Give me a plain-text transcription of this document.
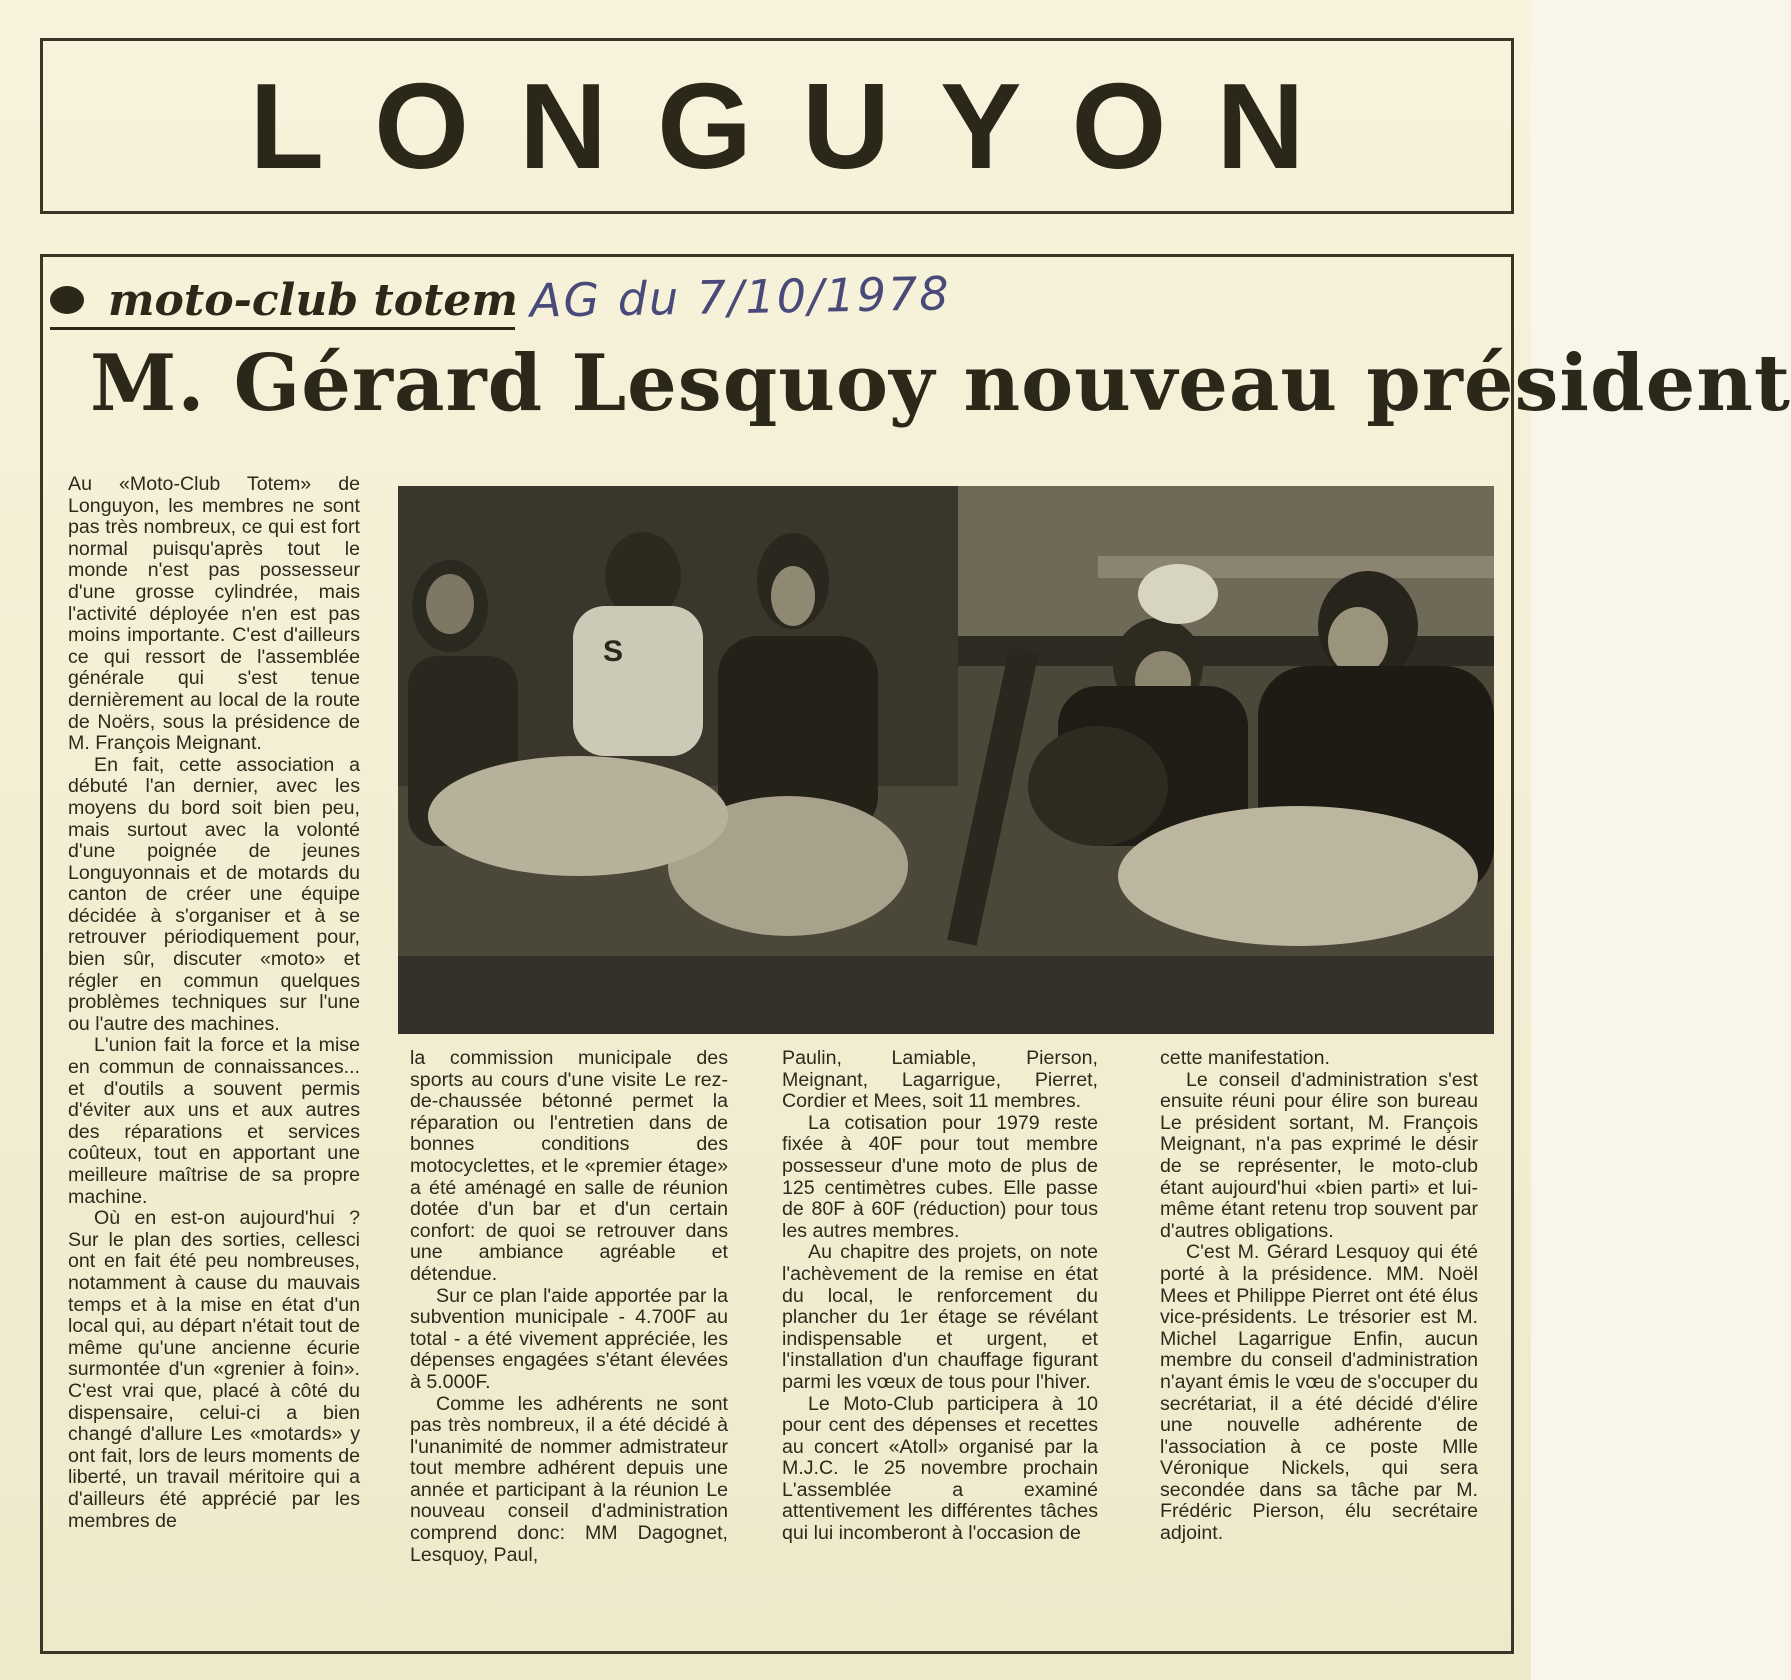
LONGUYON
moto-club totem AG du 7/10/1978
M. Gérard Lesquoy nouveau président

Au «Moto-Club Totem» de Longuyon, les membres ne sont pas très nombreux, ce qui est fort normal puisqu'après tout le monde n'est pas possesseur d'une grosse cylindrée, mais l'activité déployée n'en est pas moins importante. C'est d'ailleurs ce qui ressort de l'assemblée générale qui s'est tenue dernièrement au local de la route de Noërs, sous la présidence de M. François Meignant.

En fait, cette association a débuté l'an dernier, avec les moyens du bord soit bien peu, mais surtout avec la volonté d'une poignée de jeunes Longuyonnais et de motards du canton de créer une équipe décidée à s'organiser et à se retrouver périodiquement pour, bien sûr, discuter «moto» et régler en commun quelques problèmes techniques sur l'une ou l'autre des machines.

L'union fait la force et la mise en commun de connaissances... et d'outils a souvent permis d'éviter aux uns et aux autres des réparations et services coûteux, tout en apportant une meilleure maîtrise de sa propre machine.

Où en est-on aujourd'hui ? Sur le plan des sorties, cellesci ont en fait été peu nombreuses, notamment à cause du mauvais temps et à la mise en état d'un local qui, au départ n'était tout de même qu'une ancienne écurie surmontée d'un «grenier à foin». C'est vrai que, placé à côté du dispensaire, celui-ci a bien changé d'allure Les «motards» y ont fait, lors de leurs moments de liberté, un travail méritoire qui a d'ailleurs été apprécié par les membres de

S

la commission municipale des sports au cours d'une visite Le rez-de-chaussée bétonné permet la réparation ou l'entretien dans de bonnes conditions des motocyclettes, et le «premier étage» a été aménagé en salle de réunion dotée d'un bar et d'un certain confort: de quoi se retrouver dans une ambiance agréable et détendue.

Sur ce plan l'aide apportée par la subvention municipale - 4.700F au total - a été vivement appréciée, les dépenses engagées s'étant élevées à 5.000F.

Comme les adhérents ne sont pas très nombreux, il a été décidé à l'unanimité de nommer admistrateur tout membre adhérent depuis une année et participant à la réunion Le nouveau conseil d'administration comprend donc: MM Dagognet, Lesquoy, Paul,

Paulin, Lamiable, Pierson, Meignant, Lagarrigue, Pierret, Cordier et Mees, soit 11 membres.

La cotisation pour 1979 reste fixée à 40F pour tout membre possesseur d'une moto de plus de 125 centimètres cubes. Elle passe de 80F à 60F (réduction) pour tous les autres membres.

Au chapitre des projets, on note l'achèvement de la remise en état du local, le renforcement du plancher du 1er étage se révélant indispensable et urgent, et l'installation d'un chauffage figurant parmi les vœux de tous pour l'hiver.

Le Moto-Club participera à 10 pour cent des dépenses et recettes au concert «Atoll» organisé par la M.J.C. le 25 novembre prochain L'assemblée a examiné attentivement les différentes tâches qui lui incomberont à l'occasion de

cette manifestation.

Le conseil d'administration s'est ensuite réuni pour élire son bureau Le président sortant, M. François Meignant, n'a pas exprimé le désir de se représenter, le moto-club étant aujourd'hui «bien parti» et lui-même étant retenu trop souvent par d'autres obligations.

C'est M. Gérard Lesquoy qui été porté à la présidence. MM. Noël Mees et Philippe Pierret ont été élus vice-présidents. Le trésorier est M. Michel Lagarrigue Enfin, aucun membre du conseil d'administration n'ayant émis le vœu de s'occuper du secrétariat, il a été décidé d'élire une nouvelle adhérente de l'association à ce poste Mlle Véronique Nickels, qui sera secondée dans sa tâche par M. Frédéric Pierson, élu secrétaire adjoint.
